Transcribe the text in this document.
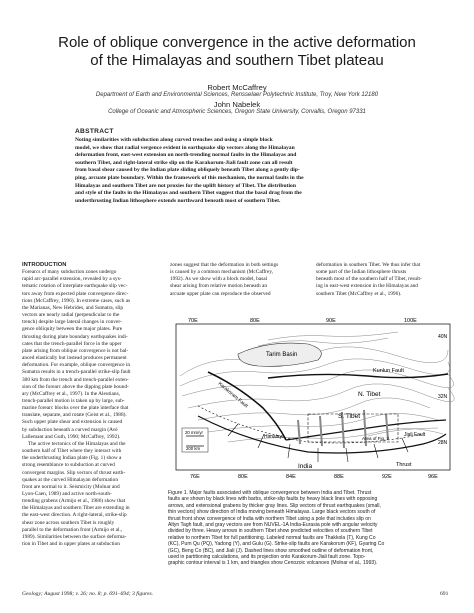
Role of oblique convergence in the active deformation
of the Himalayas and southern Tibet plateau
Robert McCaffrey
Department of Earth and Environmental Sciences, Rensselaer Polytechnic Institute, Troy, New York 12180
John Nabelek
College of Oceanic and Atmospheric Sciences, Oregon State University, Corvallis, Oregon 97331
ABSTRACT
Noting similarities with subduction along curved trenches and using a simple block
model, we show that radial vergence evident in earthquake slip vectors along the Himalayan
deformation front, east-west extension on north-trending normal faults in the Himalayas and
southern Tibet, and right-lateral strike slip on the Karakorum-Jiali fault zone can all result
from basal shear caused by the Indian plate sliding obliquely beneath Tibet along a gently dip-
ping, arcuate plate boundary. Within the framework of this mechanism, the normal faults in the
Himalayas and southern Tibet are not proxies for the uplift history of Tibet. The distribution
and style of the faults in the Himalayas and southern Tibet suggest that the basal drag from the
underthrusting Indian lithosphere extends northward beneath most of southern Tibet.
INTRODUCTION
Forearcs of many subduction zones undergo
rapid arc-parallel extension, revealed by a sys-
tematic rotation of interplate earthquake slip vec-
tors away from expected plate convergence direc-
tions (McCaffrey, 1996). In extreme cases, such as
the Marianas, New Hebrides, and Sumatra, slip
vectors are nearly radial (perpendicular to the
trench) despite large lateral changes in conver-
gence obliquity between the major plates. Pure
thrusting during plate boundary earthquakes indi-
cates that the trench-parallel force in the upper
plate arising from oblique convergence is not bal-
anced elastically but instead produces permanent
deformation. For example, oblique convergence in
Sumatra results in a trench-parallel strike-slip fault
300 km from the trench and trench-parallel exten-
sion of the forearc above the dipping plate bound-
ary (McCaffrey et al., 1997). In the Aleutians,
trench-parallel motion is taken up by large, sub-
marine forearc blocks over the plate interface that
translate, separate, and rotate (Geist et al., 1988).
Such upper plate shear and extension is caused
by subduction beneath a curved margin (Avé
Lallemant and Guth, 1990; McCaffrey, 1992).
The active tectonics of the Himalayas and the
southern half of Tibet where they interact with
the underthrusting Indian plate (Fig. 1) show a
strong resemblance to subduction at curved
convergent margins. Slip vectors of thrust earth-
quakes at the curved Himalayan deformation
front are normal to it. Seismicity (Molnar and
Lyon-Caen, 1989) and active north-south-
trending grabens (Armijo et al., 1986) show that
the Himalayas and southern Tibet are extending in
the east-west direction. A right-lateral, strike-slip
shear zone across southern Tibet is roughly
parallel to the deformation front (Armijo et al.,
1989). Similarities between the surface deforma-
tion in Tibet and in upper plates at subduction
zones suggest that the deformation in both settings
is caused by a common mechanism (McCaffrey,
1992). As we show with a block model, basal
shear arising from relative motion beneath an
arcuate upper plate can reproduce the observed
deformation in southern Tibet. We thus infer that
some part of the Indian lithosphere thrusts
beneath most of the southern half of Tibet, result-
ing in east-west extension in the Himalayas and
southern Tibet (McCaffrey et al., 1996).
70E	80E	90E	100E
Tarim Basin
Karakoram Fault
Kunlun Fault
N. Tibet
S. Tibet
Jiali Fault
Himalaya
Thrust
India
Area of Fig. 2
20 mm/yr
200 km
40N
32N
28N
76E	80E	84E	88E	92E	96E
Figure 1. Major faults associated with oblique convergence between India and Tibet. Thrust
faults are shown by black lines with barbs, strike-slip faults by heavy black lines with opposing
arrows, and extensional grabens by thicker gray lines. Slip vectors of thrust earthquakes (small,
thin vectors) show direction of India moving beneath Himalayas. Large black vectors south of
thrust front show convergence of India with northern Tibet using a pole that includes slip on
Altyn Tagh fault, and gray vectors are from NUVEL-1A India-Eurasia pole with angular velocity
divided by three. Heavy arrows in southern Tibet show predicted velocities of southern Tibet
relative to northern Tibet for full partitioning. Labeled normal faults are Thakkola (T), Kung Co
(KC), Pum Qu (PQ), Yadong (Y), and Gulu (G). Strike-slip faults are Karakorum (KF), Gyaring Co
(GC), Beng Co (BC), and Jiali (J). Dashed lines show smoothed outline of deformation front,
used in partitioning calculations, and its projection onto Karakorum-Jiali fault zone. Topo-
graphic contour interval is 1 km, and triangles show Cenozoic volcanoes (Molnar et al., 1993).
Geology; August 1998; v. 26; no. 8; p. 691–694; 3 figures.	691
